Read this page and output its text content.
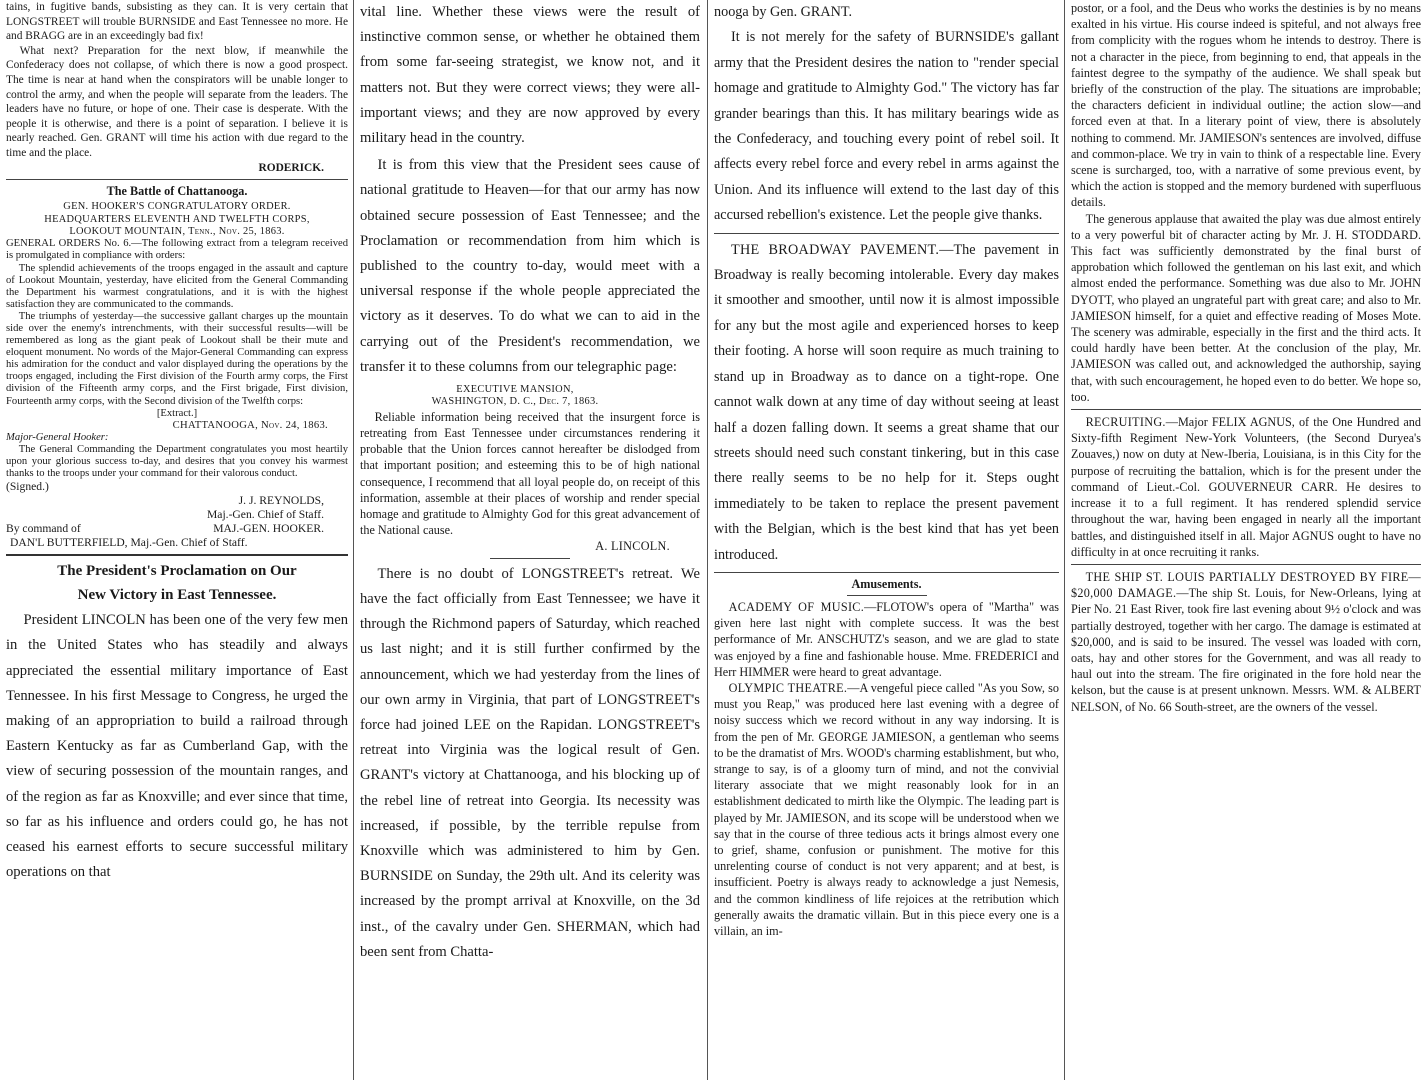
tains, in fugitive bands, subsisting as they can. It is very certain that LONGSTREET will trouble BURNSIDE and East Tennessee no more. He and BRAGG are in an exceedingly bad fix!

What next? Preparation for the next blow, if meanwhile the Confederacy does not collapse, of which there is now a good prospect. The time is near at hand when the conspirators will be unable longer to control the army, and when the people will separate from the leaders. The leaders have no future, or hope of one. Their case is desperate. With the people it is otherwise, and there is a point of separation. I believe it is nearly reached. Gen. GRANT will time his action with due regard to the time and the place.

RODERICK.
The Battle of Chattanooga.
GEN. HOOKER'S CONGRATULATORY ORDER.
HEADQUARTERS ELEVENTH AND TWELFTH CORPS,
LOOKOUT MOUNTAIN, Tenn., Nov. 25, 1863.

GENERAL ORDERS No. 6.—The following extract from a telegram received is promulgated in compliance with orders:

The splendid achievements of the troops engaged in the assault and capture of Lookout Mountain, yesterday, have elicited from the General Commanding the Department his warmest congratulations, and it is with the highest satisfaction they are communicated to the commands.

The triumphs of yesterday—the successive gallant charges up the mountain side over the enemy's intrenchments, with their successful results—will be remembered as long as the giant peak of Lookout shall be their mute and eloquent monument. No words of the Major-General Commanding can express his admiration for the conduct and valor displayed during the operations by the troops engaged, including the First division of the Fourth army corps, the First division of the Fifteenth army corps, and the First brigade, First division, Fourteenth army corps, with the Second division of the Twelfth corps:

[Extract.]
CHATTANOOGA, Nov. 24, 1863.
Major-General Hooker:

The General Commanding the Department congratulates you most heartily upon your glorious success to-day, and desires that you convey his warmest thanks to the troops under your command for their valorous conduct.

(Signed.)
J. J. REYNOLDS,
Maj.-Gen. Chief of Staff.
By command of	MAJ.-GEN. HOOKER.
DAN'L BUTTERFIELD, Maj.-Gen. Chief of Staff.
The President's Proclamation on Our
New Victory in East Tennessee.

President LINCOLN has been one of the very few men in the United States who has steadily and always appreciated the essential military importance of East Tennessee. In his first Message to Congress, he urged the making of an appropriation to build a railroad through Eastern Kentucky as far as Cumberland Gap, with the view of securing possession of the mountain ranges, and of the region as far as Knoxville; and ever since that time, so far as his influence and orders could go, he has not ceased his earnest efforts to secure successful military operations on that

vital line. Whether these views were the result of instinctive common sense, or whether he obtained them from some far-seeing strategist, we know not, and it matters not. But they were correct views; they were all-important views; and they are now approved by every military head in the country.

It is from this view that the President sees cause of national gratitude to Heaven—for that our army has now obtained secure possession of East Tennessee; and the Proclamation or recommendation from him which is published to the country to-day, would meet with a universal response if the whole people appreciated the victory as it deserves. To do what we can to aid in the carrying out of the President's recommendation, we transfer it to these columns from our telegraphic page:

EXECUTIVE MANSION,
WASHINGTON, D. C., Dec. 7, 1863.

Reliable information being received that the insurgent force is retreating from East Tennessee under circumstances rendering it probable that the Union forces cannot hereafter be dislodged from that important position; and esteeming this to be of high national consequence, I recommend that all loyal people do, on receipt of this information, assemble at their places of worship and render special homage and gratitude to Almighty God for this great advancement of the National cause.

A. LINCOLN.

There is no doubt of LONGSTREET's retreat. We have the fact officially from East Tennessee; we have it through the Richmond papers of Saturday, which reached us last night; and it is still further confirmed by the announcement, which we had yesterday from the lines of our own army in Virginia, that part of LONGSTREET's force had joined LEE on the Rapidan. LONGSTREET's retreat into Virginia was the logical result of Gen. GRANT's victory at Chattanooga, and his blocking up of the rebel line of retreat into Georgia. Its necessity was increased, if possible, by the terrible repulse from Knoxville which was administered to him by Gen. BURNSIDE on Sunday, the 29th ult. And its celerity was increased by the prompt arrival at Knoxville, on the 3d inst., of the cavalry under Gen. SHERMAN, which had been sent from Chatta-

nooga by Gen. GRANT.

It is not merely for the safety of BURNSIDE's gallant army that the President desires the nation to "render special homage and gratitude to Almighty God." The victory has far grander bearings than this. It has military bearings wide as the Confederacy, and touching every point of rebel soil. It affects every rebel force and every rebel in arms against the Union. And its influence will extend to the last day of this accursed rebellion's existence. Let the people give thanks.

THE BROADWAY PAVEMENT.—The pavement in Broadway is really becoming intolerable. Every day makes it smoother and smoother, until now it is almost impossible for any but the most agile and experienced horses to keep their footing. A horse will soon require as much training to stand up in Broadway as to dance on a tight-rope. One cannot walk down at any time of day without seeing at least half a dozen falling down. It seems a great shame that our streets should need such constant tinkering, but in this case there really seems to be no help for it. Steps ought immediately to be taken to replace the present pavement with the Belgian, which is the best kind that has yet been introduced.

Amusements.

ACADEMY OF MUSIC.—FLOTOW's opera of "Martha" was given here last night with complete success. It was the best performance of Mr. ANSCHUTZ's season, and we are glad to state was enjoyed by a fine and fashionable house. Mme. FREDERICI and Herr HIMMER were heard to great advantage.

OLYMPIC THEATRE.—A vengeful piece called "As you Sow, so must you Reap," was produced here last evening with a degree of noisy success which we record without in any way indorsing. It is from the pen of Mr. GEORGE JAMIESON, a gentleman who seems to be the dramatist of Mrs. WOOD's charming establishment, but who, strange to say, is of a gloomy turn of mind, and not the convivial literary associate that we might reasonably look for in an establishment dedicated to mirth like the Olympic. The leading part is played by Mr. JAMIESON, and its scope will be understood when we say that in the course of three tedious acts it brings almost every one to grief, shame, confusion or punishment. The motive for this unrelenting course of conduct is not very apparent; and at best, is insufficient. Poetry is always ready to acknowledge a just Nemesis, and the common kindliness of life rejoices at the retribution which generally awaits the dramatic villain. But in this piece every one is a villain, an im-

postor, or a fool, and the Deus who works the destinies is by no means exalted in his virtue. His course indeed is spiteful, and not always free from complicity with the rogues whom he intends to destroy. There is not a character in the piece, from beginning to end, that appeals in the faintest degree to the sympathy of the audience. We shall speak but briefly of the construction of the play. The situations are improbable; the characters deficient in individual outline; the action slow—and forced even at that. In a literary point of view, there is absolutely nothing to commend. Mr. JAMIESON's sentences are involved, diffuse and common-place. We try in vain to think of a respectable line. Every scene is surcharged, too, with a narrative of some previous event, by which the action is stopped and the memory burdened with superfluous details.

The generous applause that awaited the play was due almost entirely to a very powerful bit of character acting by Mr. J. H. STODDARD. This fact was sufficiently demonstrated by the final burst of approbation which followed the gentleman on his last exit, and which almost ended the performance. Something was due also to Mr. JOHN DYOTT, who played an ungrateful part with great care; and also to Mr. JAMIESON himself, for a quiet and effective reading of Moses Mote. The scenery was admirable, especially in the first and the third acts. It could hardly have been better. At the conclusion of the play, Mr. JAMIESON was called out, and acknowledged the authorship, saying that, with such encouragement, he hoped even to do better. We hope so, too.

RECRUITING.—Major FELIX AGNUS, of the One Hundred and Sixty-fifth Regiment New-York Volunteers, (the Second Duryea's Zouaves,) now on duty at New-Iberia, Louisiana, is in this City for the purpose of recruiting the battalion, which is for the present under the command of Lieut.-Col. GOUVERNEUR CARR. He desires to increase it to a full regiment. It has rendered splendid service throughout the war, having been engaged in nearly all the important battles, and distinguished itself in all. Major AGNUS ought to have no difficulty in at once recruiting it ranks.

THE SHIP ST. LOUIS PARTIALLY DESTROYED BY FIRE—$20,000 DAMAGE.—The ship St. Louis, for New-Orleans, lying at Pier No. 21 East River, took fire last evening about 9½ o'clock and was partially destroyed, together with her cargo. The damage is estimated at $20,000, and is said to be insured. The vessel was loaded with corn, oats, hay and other stores for the Government, and was all ready to haul out into the stream. The fire originated in the fore hold near the kelson, but the cause is at present unknown. Messrs. WM. & ALBERT NELSON, of No. 66 South-street, are the owners of the vessel.
